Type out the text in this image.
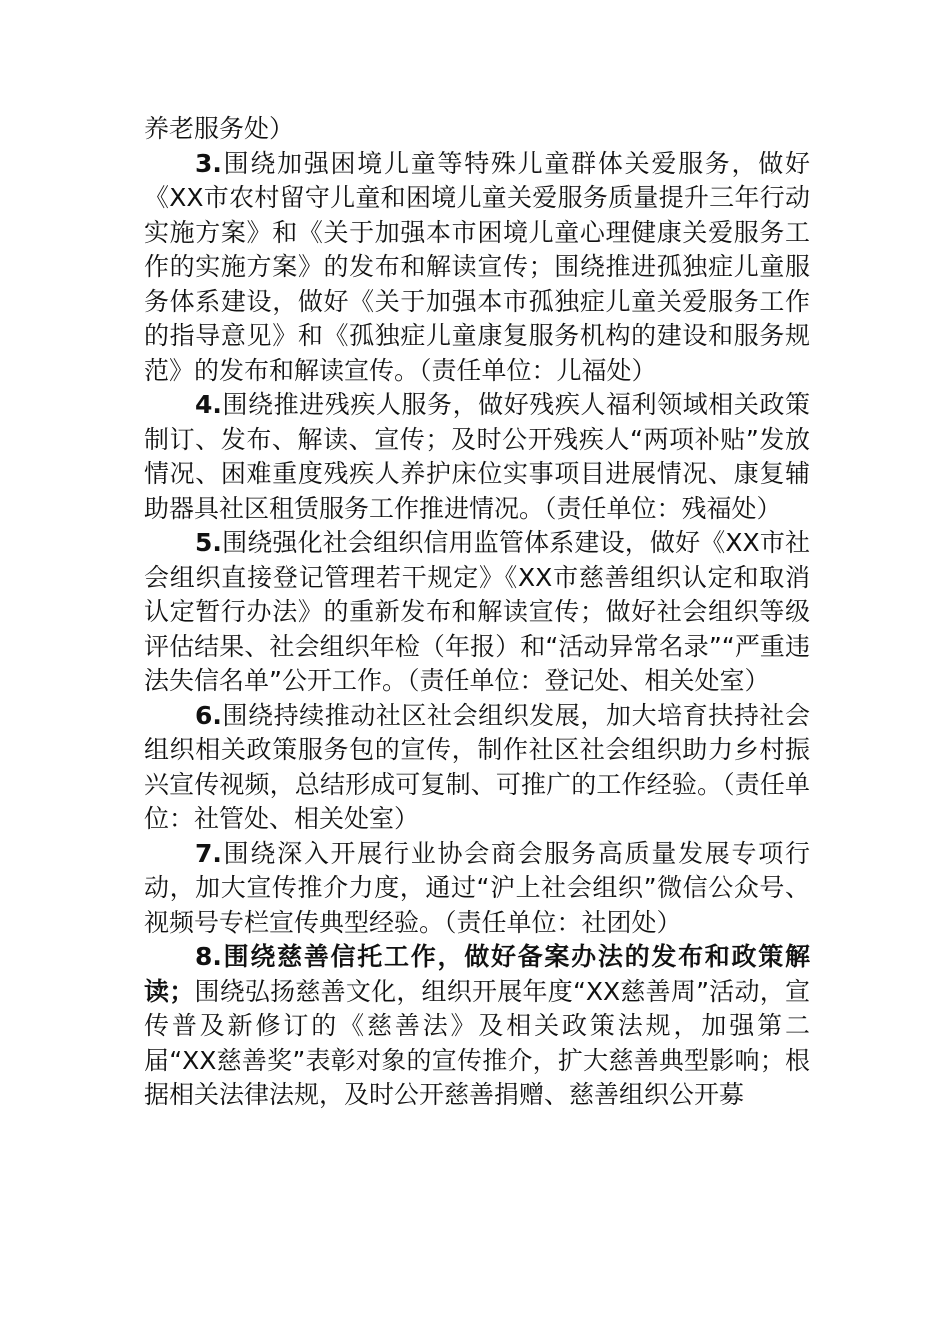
养老服务处）

3.围绕加强困境儿童等特殊儿童群体关爱服务，做好《XX市农村留守儿童和困境儿童关爱服务质量提升三年行动实施方案》和《关于加强本市困境儿童心理健康关爱服务工作的实施方案》的发布和解读宣传；围绕推进孤独症儿童服务体系建设，做好《关于加强本市孤独症儿童关爱服务工作的指导意见》和《孤独症儿童康复服务机构的建设和服务规范》的发布和解读宣传。（责任单位：儿福处）

4.围绕推进残疾人服务，做好残疾人福利领域相关政策制订、发布、解读、宣传；及时公开残疾人“两项补贴”发放情况、困难重度残疾人养护床位实事项目进展情况、康复辅助器具社区租赁服务工作推进情况。（责任单位：残福处）

5.围绕强化社会组织信用监管体系建设，做好《XX市社会组织直接登记管理若干规定》《XX市慈善组织认定和取消认定暂行办法》的重新发布和解读宣传；做好社会组织等级评估结果、社会组织年检（年报）和“活动异常名录”“严重违法失信名单”公开工作。（责任单位：登记处、相关处室）

6.围绕持续推动社区社会组织发展，加大培育扶持社会组织相关政策服务包的宣传，制作社区社会组织助力乡村振兴宣传视频，总结形成可复制、可推广的工作经验。（责任单位：社管处、相关处室）

7.围绕深入开展行业协会商会服务高质量发展专项行动，加大宣传推介力度，通过“沪上社会组织”微信公众号、视频号专栏宣传典型经验。（责任单位：社团处）

8.围绕慈善信托工作，做好备案办法的发布和政策解读；围绕弘扬慈善文化，组织开展年度“XX慈善周”活动，宣传普及新修订的《慈善法》及相关政策法规，加强第二届“XX慈善奖”表彰对象的宣传推介，扩大慈善典型影响；根据相关法律法规，及时公开慈善捐赠、慈善组织公开募
